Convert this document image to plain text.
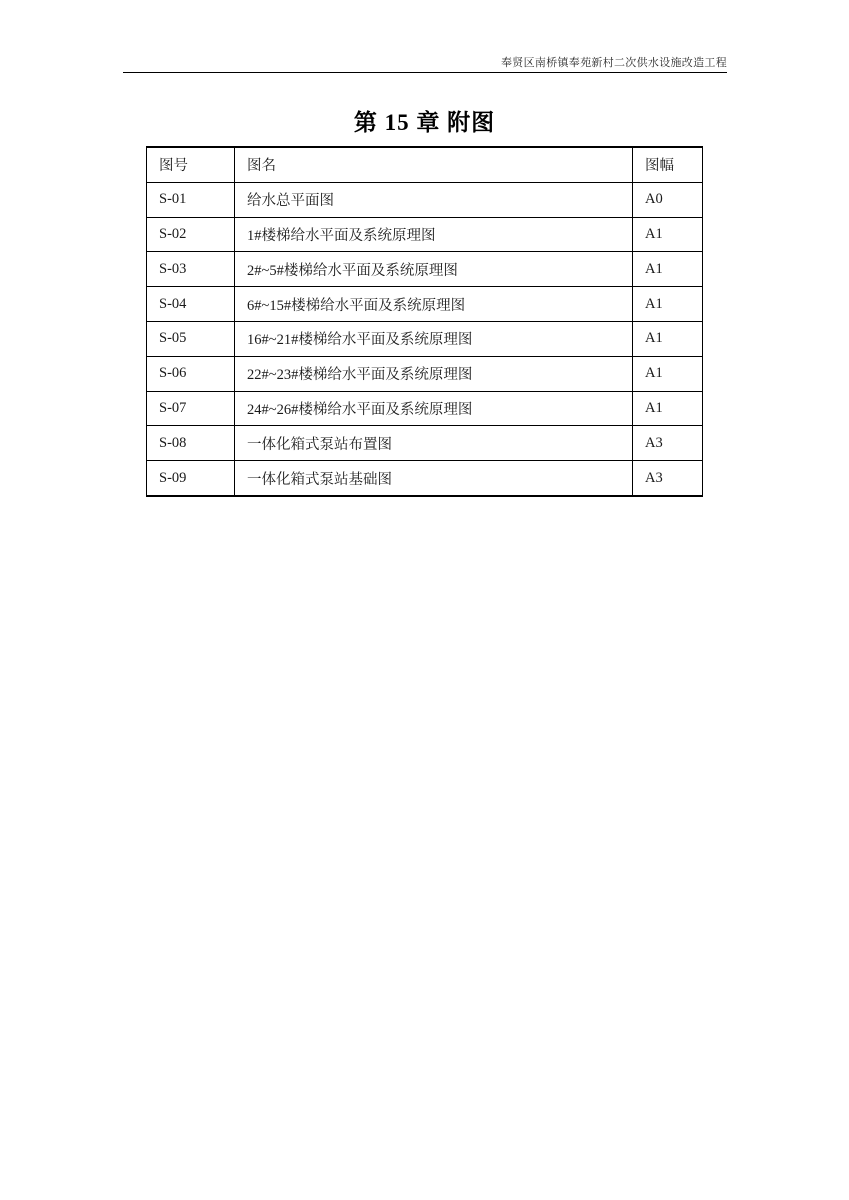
奉贤区南桥镇奉苑新村二次供水设施改造工程
第 15 章 附图
图号	图名	图幅
S-01	给水总平面图	A0
S-02	1#楼梯给水平面及系统原理图	A1
S-03	2#~5#楼梯给水平面及系统原理图	A1
S-04	6#~15#楼梯给水平面及系统原理图	A1
S-05	16#~21#楼梯给水平面及系统原理图	A1
S-06	22#~23#楼梯给水平面及系统原理图	A1
S-07	24#~26#楼梯给水平面及系统原理图	A1
S-08	一体化箱式泵站布置图	A3
S-09	一体化箱式泵站基础图	A3
